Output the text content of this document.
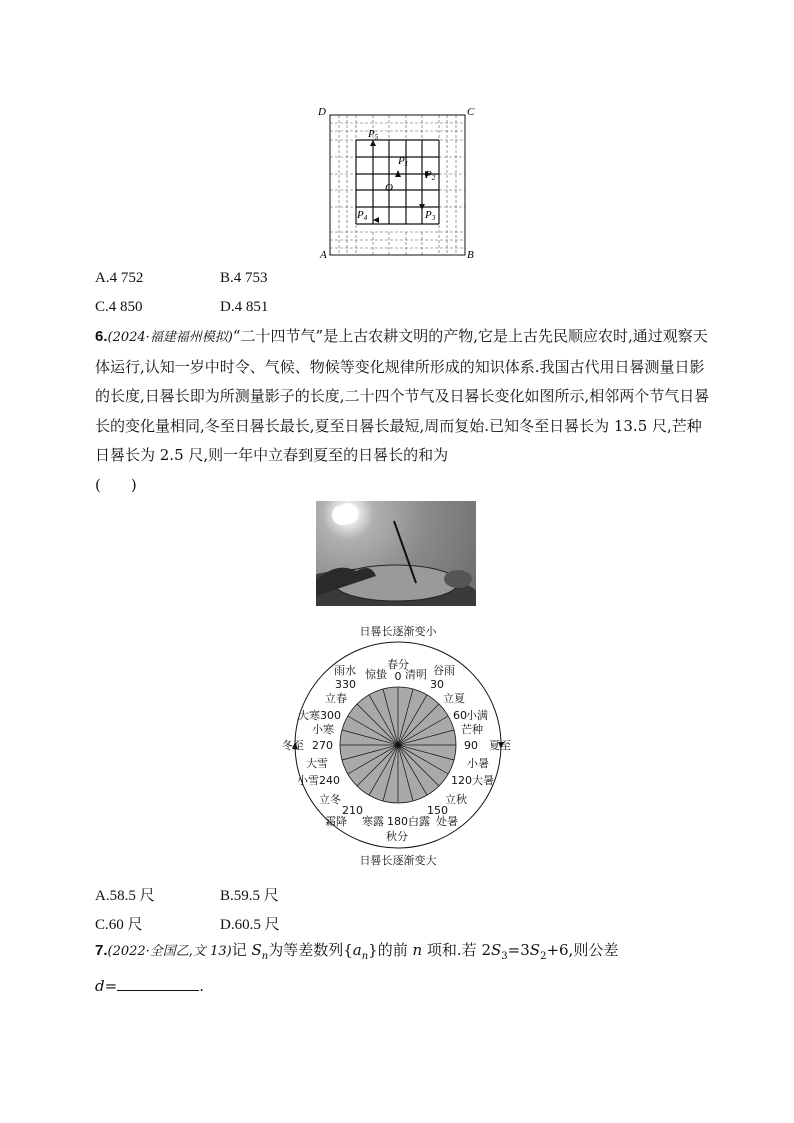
D	C
A	B
O
P5
P1
P2
P4	P3
A.4 752	B.4 753
C.4 850	D.4 851
6.(2024·福建福州模拟)“二十四节气”是上古农耕文明的产物,它是上古先民顺应农时,通过观察天体运行,认知一岁中时令、气候、物候等变化规律所形成的知识体系.我国古代用日晷测量日影的长度,日晷长即为所测量影子的长度,二十四个节气及日晷长变化如图所示,相邻两个节气日晷长的变化量相同,冬至日晷长最长,夏至日晷长最短,周而复始.已知冬至日晷长为 13.5 尺,芒种日晷长为 2.5 尺,则一年中立春到夏至的日晷长的和为
(　　)
日晷长逐渐变小
春分
0
惊蛰 清明
雨水	谷雨
330	30
立春	立夏
大寒300	60 小满
小寒	芒种
冬至 270	90 夏至
大雪	小暑
小雪240	120大暑
立冬	立秋
210	150
霜降 寒露 180 白露 处暑
秋分
日晷长逐渐变大
A.58.5 尺	B.59.5 尺
C.60 尺	D.60.5 尺
7.(2022·全国乙,文 13)记 $S_n$为等差数列$\{a_n\}$的前 n 项和.若 $2S_3=3S_2+6$,则公差
d=	.
